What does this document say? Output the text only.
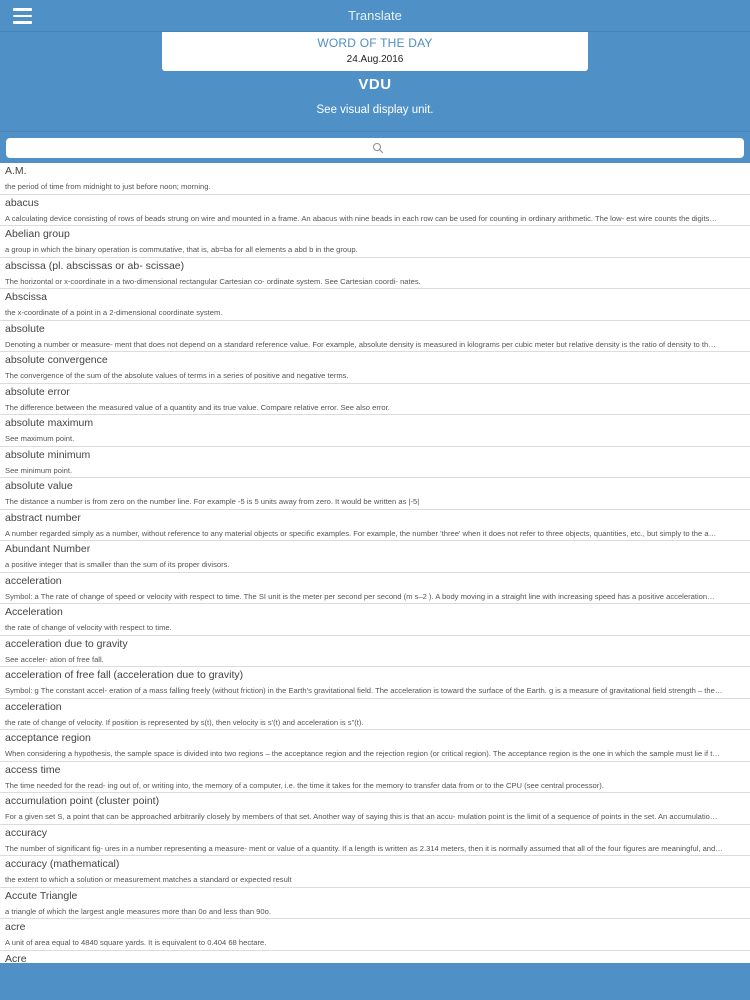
Translate
WORD OF THE DAY
24.Aug.2016
VDU
See visual display unit.
A.M.
the period of time from midnight to just before noon; morning.
abacus
A calculating device consisting of rows of beads strung on wire and mounted in a frame. An abacus with nine beads in each row can be used for counting in ordinary arithmetic. The low- est wire counts the digits…
Abelian group
a group in which the binary operation is commutative, that is, ab=ba for all elements a abd b in the group.
abscissa (pl. abscissas or ab- scissae)
The horizontal or x-coordinate in a two-dimensional rectangular Cartesian co- ordinate system. See Cartesian coordi- nates.
Abscissa
the x-coordinate of a point in a 2-dimensional coordinate system.
absolute
Denoting a number or measure- ment that does not depend on a standard reference value. For example, absolute density is measured in kilograms per cubic meter but relative density is the ratio of density to th…
absolute convergence
The convergence of the sum of the absolute values of terms in a series of positive and negative terms.
absolute error
The difference between the measured value of a quantity and its true value. Compare relative error. See also error.
absolute maximum
See maximum point.
absolute minimum
See minimum point.
absolute value
The distance a number is from zero on the number line. For example -5 is 5 units away from zero. It would be written as |-5|
abstract number
A number regarded simply as a number, without reference to any material objects or specific examples. For example, the number 'three' when it does not refer to three objects, quantities, etc., but simply to the a…
Abundant Number
a positive integer that is smaller than the sum of its proper divisors.
acceleration
Symbol: a The rate of change of speed or velocity with respect to time. The SI unit is the meter per second per second (m s–2 ). A body moving in a straight line with increasing speed has a positive acceleration…
Acceleration
the rate of change of velocity with respect to time.
acceleration due to gravity
See acceler- ation of free fall.
acceleration of free fall (acceleration due to gravity)
Symbol: g The constant accel- eration of a mass falling freely (without friction) in the Earth's gravitational field. The acceleration is toward the surface of the Earth. g is a measure of gravitational field strength – the…
acceleration
the rate of change of velocity. If position is represented by s(t), then velocity is s'(t) and acceleration is s"(t).
acceptance region
When considering a hypothesis, the sample space is divided into two regions – the acceptance region and the rejection region (or critical region). The acceptance region is the one in which the sample must lie if t…
access time
The time needed for the read- ing out of, or writing into, the memory of a computer, i.e. the time it takes for the memory to transfer data from or to the CPU (see central processor).
accumulation point (cluster point)
For a given set S, a point that can be approached arbitrarily closely by members of that set. Another way of saying this is that an accu- mulation point is the limit of a sequence of points in the set. An accumulatio…
accuracy
The number of significant fig- ures in a number representing a measure- ment or value of a quantity. If a length is written as 2.314 meters, then it is normally assumed that all of the four figures are meaningful, and…
accuracy (mathematical)
the extent to which a solution or measurement matches a standard or expected result
Accute Triangle
a triangle of which the largest angle measures more than 0o and less than 90o.
acre
A unit of area equal to 4840 square yards. It is equivalent to 0.404 68 hectare.
Acre
